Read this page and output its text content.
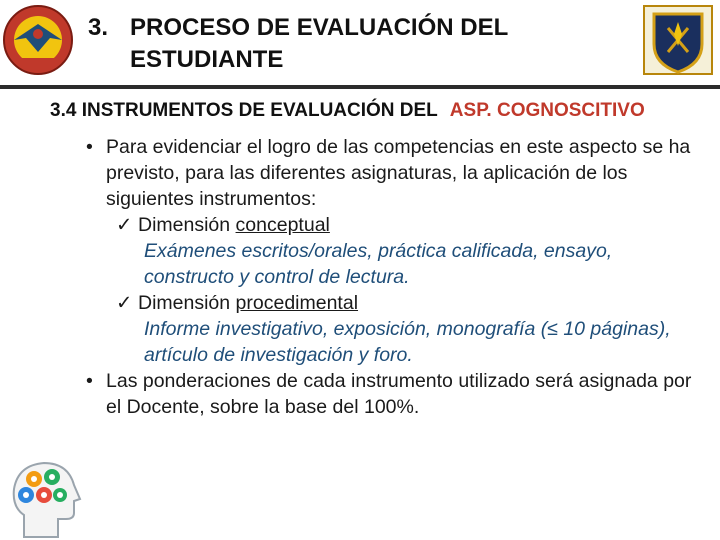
3. PROCESO DE EVALUACIÓN DEL
ESTUDIANTE
3.4 INSTRUMENTOS DE EVALUACIÓN DEL ASP. COGNOSCITIVO
• Para evidenciar el logro de las competencias en este aspecto se ha previsto, para las diferentes asignaturas, la aplicación de los siguientes instrumentos:
✓ Dimensión conceptual
Exámenes escritos/orales, práctica calificada, ensayo, constructo y control de lectura.
✓ Dimensión procedimental
Informe investigativo, exposición, monografía (≤ 10 páginas), artículo de investigación y foro.
• Las ponderaciones de cada instrumento utilizado será asignada por el Docente, sobre la base del 100%.
